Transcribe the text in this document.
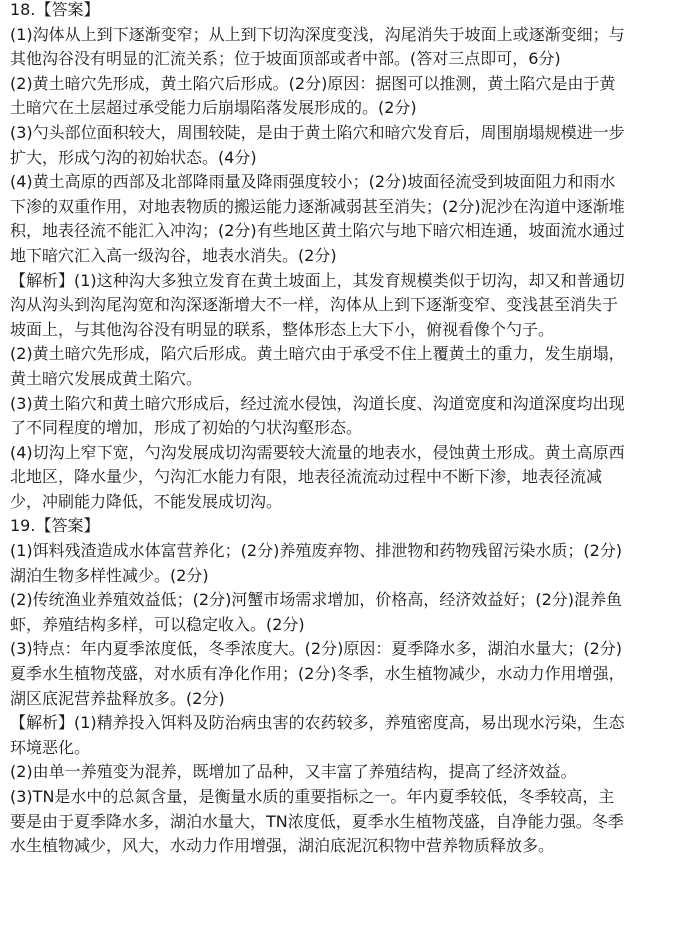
18.【答案】
(1)沟体从上到下逐渐变窄；从上到下切沟深度变浅，沟尾消失于坡面上或逐渐变细；与
其他沟谷没有明显的汇流关系；位于坡面顶部或者中部。(答对三点即可，6分)
(2)黄土暗穴先形成，黄土陷穴后形成。(2分)原因：据图可以推测，黄土陷穴是由于黄
土暗穴在土层超过承受能力后崩塌陷落发展形成的。(2分)
(3)勺头部位面积较大，周围较陡，是由于黄土陷穴和暗穴发育后，周围崩塌规模进一步
扩大，形成勺沟的初始状态。(4分)
(4)黄土高原的西部及北部降雨量及降雨强度较小；(2分)坡面径流受到坡面阻力和雨水
下渗的双重作用，对地表物质的搬运能力逐渐减弱甚至消失；(2分)泥沙在沟道中逐渐堆
积，地表径流不能汇入冲沟；(2分)有些地区黄土陷穴与地下暗穴相连通，坡面流水通过
地下暗穴汇入高一级沟谷，地表水消失。(2分)
【解析】(1)这种沟大多独立发育在黄土坡面上，其发育规模类似于切沟，却又和普通切
沟从沟头到沟尾沟宽和沟深逐渐增大不一样，沟体从上到下逐渐变窄、变浅甚至消失于
坡面上，与其他沟谷没有明显的联系，整体形态上大下小，俯视看像个勺子。
(2)黄土暗穴先形成，陷穴后形成。黄土暗穴由于承受不住上覆黄土的重力，发生崩塌，
黄土暗穴发展成黄土陷穴。
(3)黄土陷穴和黄土暗穴形成后，经过流水侵蚀，沟道长度、沟道宽度和沟道深度均出现
了不同程度的增加，形成了初始的勺状沟壑形态。
(4)切沟上窄下宽，勺沟发展成切沟需要较大流量的地表水，侵蚀黄土形成。黄土高原西
北地区，降水量少，勺沟汇水能力有限，地表径流流动过程中不断下渗，地表径流减
少，冲刷能力降低，不能发展成切沟。
19.【答案】
(1)饵料残渣造成水体富营养化；(2分)养殖废弃物、排泄物和药物残留污染水质；(2分)
湖泊生物多样性减少。(2分)
(2)传统渔业养殖效益低；(2分)河蟹市场需求增加，价格高，经济效益好；(2分)混养鱼
虾，养殖结构多样，可以稳定收入。(2分)
(3)特点：年内夏季浓度低，冬季浓度大。(2分)原因：夏季降水多，湖泊水量大；(2分)
夏季水生植物茂盛，对水质有净化作用；(2分)冬季，水生植物减少，水动力作用增强，
湖区底泥营养盐释放多。(2分)
【解析】(1)精养投入饵料及防治病虫害的农药较多，养殖密度高，易出现水污染，生态
环境恶化。
(2)由单一养殖变为混养，既增加了品种，又丰富了养殖结构，提高了经济效益。
(3)TN是水中的总氮含量，是衡量水质的重要指标之一。年内夏季较低，冬季较高，主
要是由于夏季降水多，湖泊水量大，TN浓度低，夏季水生植物茂盛，自净能力强。冬季
水生植物减少，风大，水动力作用增强，湖泊底泥沉积物中营养物质释放多。
